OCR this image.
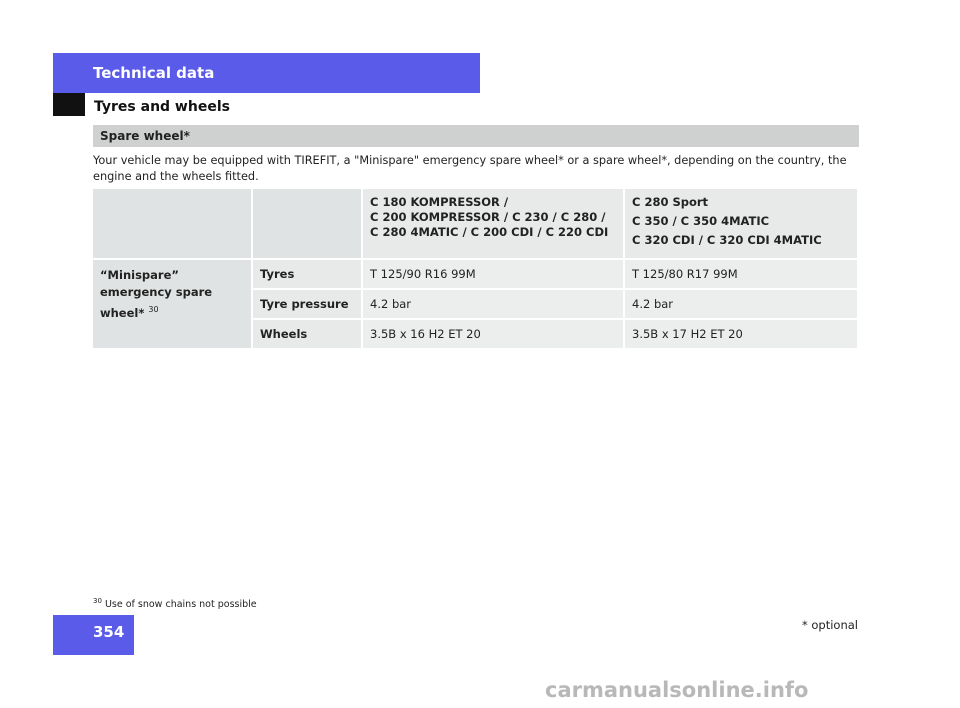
Technical data
Tyres and wheels
Spare wheel*
Your vehicle may be equipped with TIREFIT, a "Minispare" emergency spare wheel* or a spare wheel*, depending on the country, the engine and the wheels fitted.

		C 180 KOMPRESSOR /
C 200 KOMPRESSOR / C 230 / C 280 /
C 280 4MATIC / C 200 CDI / C 220 CDI	C 280 Sport
C 350 / C 350 4MATIC
C 320 CDI / C 320 CDI 4MATIC

“Minispare” emergency spare wheel* $^{30}$	Tyres	T 125/90 R16 99M	T 125/80 R17 99M
	Tyre pressure	4.2 bar	4.2 bar
	Wheels	3.5B x 16 H2 ET 20	3.5B x 17 H2 ET 20
$^{30}$ Use of snow chains not possible
354	* optional
carmanualsonline.info
